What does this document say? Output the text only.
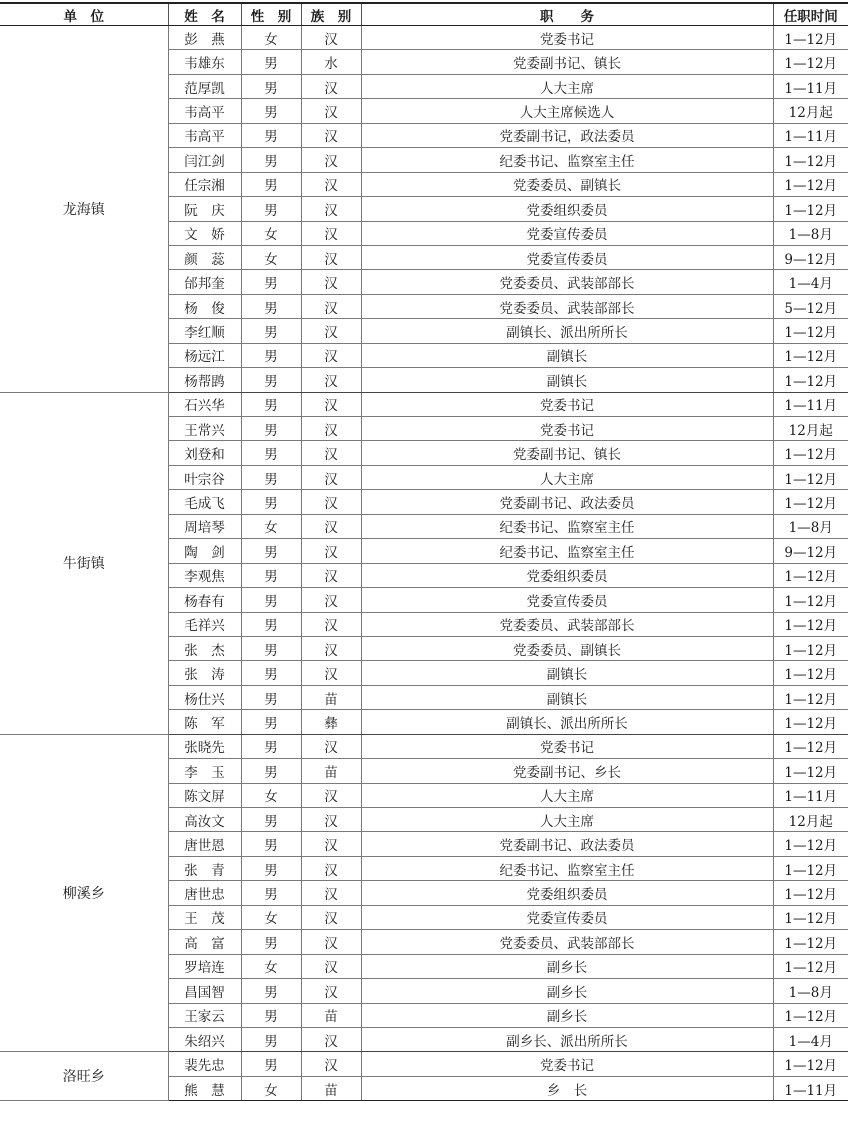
单　位	姓　名	性　别	族　别	职　　务	任职时间
龙海镇	彭　燕	女	汉	党委书记	1—12月
	韦雄东	男	水	党委副书记、镇长	1—12月
	范厚凯	男	汉	人大主席	1—11月
	韦高平	男	汉	人大主席候选人	12月起
	韦高平	男	汉	党委副书记，政法委员	1—11月
	闫江剑	男	汉	纪委书记、监察室主任	1—12月
	任宗湘	男	汉	党委委员、副镇长	1—12月
	阮　庆	男	汉	党委组织委员	1—12月
	文　娇	女	汉	党委宣传委员	1—8月
	颜　蕊	女	汉	党委宣传委员	9—12月
	邰邦奎	男	汉	党委委员、武装部部长	1—4月
	杨　俊	男	汉	党委委员、武装部部长	5—12月
	李红顺	男	汉	副镇长、派出所所长	1—12月
	杨远江	男	汉	副镇长	1—12月
	杨帮鹍	男	汉	副镇长	1—12月
牛街镇	石兴华	男	汉	党委书记	1—11月
	王常兴	男	汉	党委书记	12月起
	刘登和	男	汉	党委副书记、镇长	1—12月
	叶宗谷	男	汉	人大主席	1—12月
	毛成飞	男	汉	党委副书记、政法委员	1—12月
	周培琴	女	汉	纪委书记、监察室主任	1—8月
	陶　剑	男	汉	纪委书记、监察室主任	9—12月
	李观焦	男	汉	党委组织委员	1—12月
	杨春有	男	汉	党委宣传委员	1—12月
	毛祥兴	男	汉	党委委员、武装部部长	1—12月
	张　杰	男	汉	党委委员、副镇长	1—12月
	张　涛	男	汉	副镇长	1—12月
	杨仕兴	男	苗	副镇长	1—12月
	陈　军	男	彝	副镇长、派出所所长	1—12月
柳溪乡	张晓先	男	汉	党委书记	1—12月
	李　玉	男	苗	党委副书记、乡长	1—12月
	陈文屏	女	汉	人大主席	1—11月
	高汝文	男	汉	人大主席	12月起
	唐世恩	男	汉	党委副书记、政法委员	1—12月
	张　青	男	汉	纪委书记、监察室主任	1—12月
	唐世忠	男	汉	党委组织委员	1—12月
	王　茂	女	汉	党委宣传委员	1—12月
	高　富	男	汉	党委委员、武装部部长	1—12月
	罗培连	女	汉	副乡长	1—12月
	昌国智	男	汉	副乡长	1—8月
	王家云	男	苗	副乡长	1—12月
	朱绍兴	男	汉	副乡长、派出所所长	1—4月
洛旺乡	裴先忠	男	汉	党委书记	1—12月
	熊　慧	女	苗	乡　长	1—11月
